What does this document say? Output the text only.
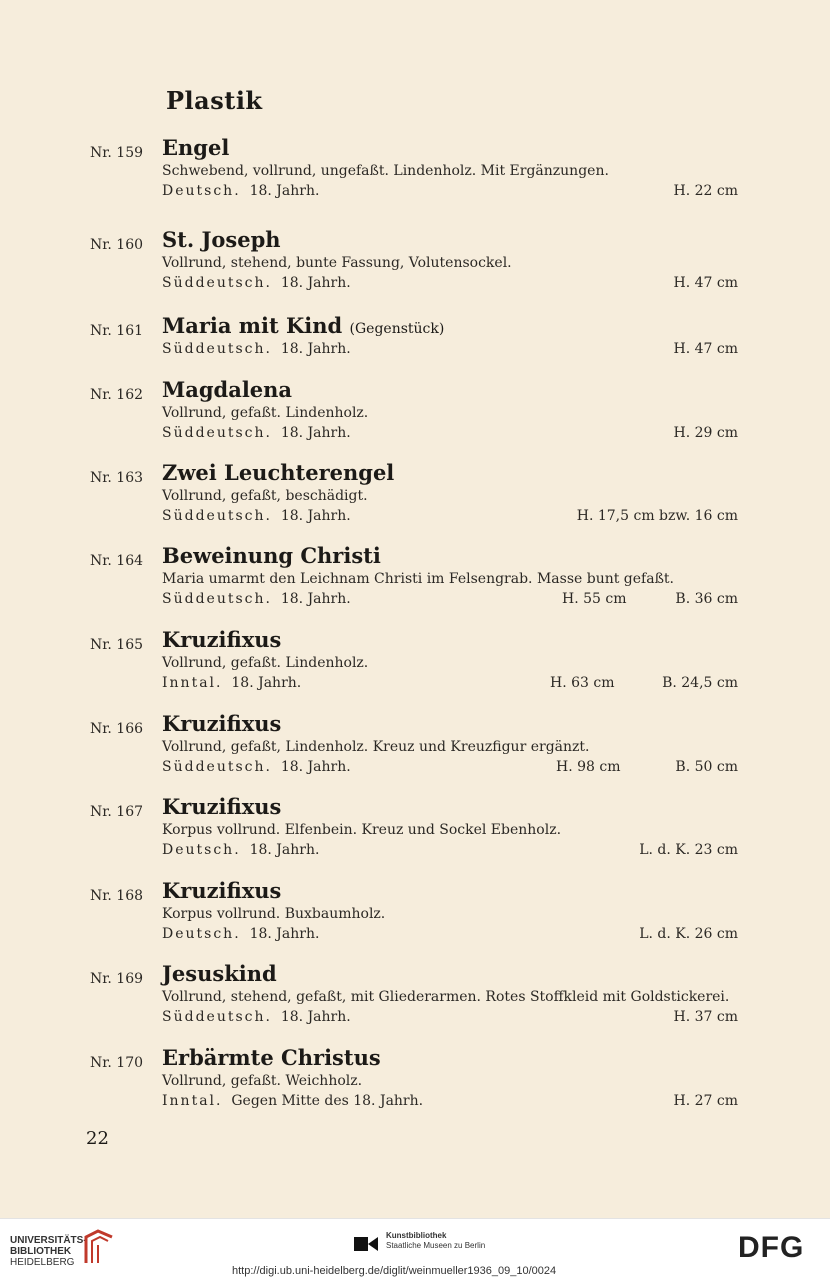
Plastik
Nr. 159 Engel
Schwebend, vollrund, ungefaßt. Lindenholz. Mit Ergänzungen.
Deutsch. 18. Jahrh.	H. 22 cm
Nr. 160 St. Joseph
Vollrund, stehend, bunte Fassung, Volutensockel.
Süddeutsch. 18. Jahrh.	H. 47 cm
Nr. 161 Maria mit Kind (Gegenstück)
Süddeutsch. 18. Jahrh.	H. 47 cm
Nr. 162 Magdalena
Vollrund, gefaßt. Lindenholz.
Süddeutsch. 18. Jahrh.	H. 29 cm
Nr. 163 Zwei Leuchterengel
Vollrund, gefaßt, beschädigt.
Süddeutsch. 18. Jahrh.	H. 17,5 cm bzw. 16 cm
Nr. 164 Beweinung Christi
Maria umarmt den Leichnam Christi im Felsengrab. Masse bunt gefaßt.
Süddeutsch. 18. Jahrh.	H. 55 cm	B. 36 cm
Nr. 165 Kruzifixus
Vollrund, gefaßt. Lindenholz.
Inntal. 18. Jahrh.	H. 63 cm	B. 24,5 cm
Nr. 166 Kruzifixus
Vollrund, gefaßt, Lindenholz. Kreuz und Kreuzfigur ergänzt.
Süddeutsch. 18. Jahrh.	H. 98 cm	B. 50 cm
Nr. 167 Kruzifixus
Korpus vollrund. Elfenbein. Kreuz und Sockel Ebenholz.
Deutsch. 18. Jahrh.	L. d. K. 23 cm
Nr. 168 Kruzifixus
Korpus vollrund. Buxbaumholz.
Deutsch. 18. Jahrh.	L. d. K. 26 cm
Nr. 169 Jesuskind
Vollrund, stehend, gefaßt, mit Gliederarmen. Rotes Stoffkleid mit Goldstickerei.
Süddeutsch. 18. Jahrh.	H. 37 cm
Nr. 170 Erbärmte Christus
Vollrund, gefaßt. Weichholz.
Inntal. Gegen Mitte des 18. Jahrh.	H. 27 cm
22
UNIVERSITÄTS-
BIBLIOTHEK
HEIDELBERG
Kunstbibliothek
Staatliche Museen zu Berlin	DFG
http://digi.ub.uni-heidelberg.de/diglit/weinmueller1936_09_10/0024
